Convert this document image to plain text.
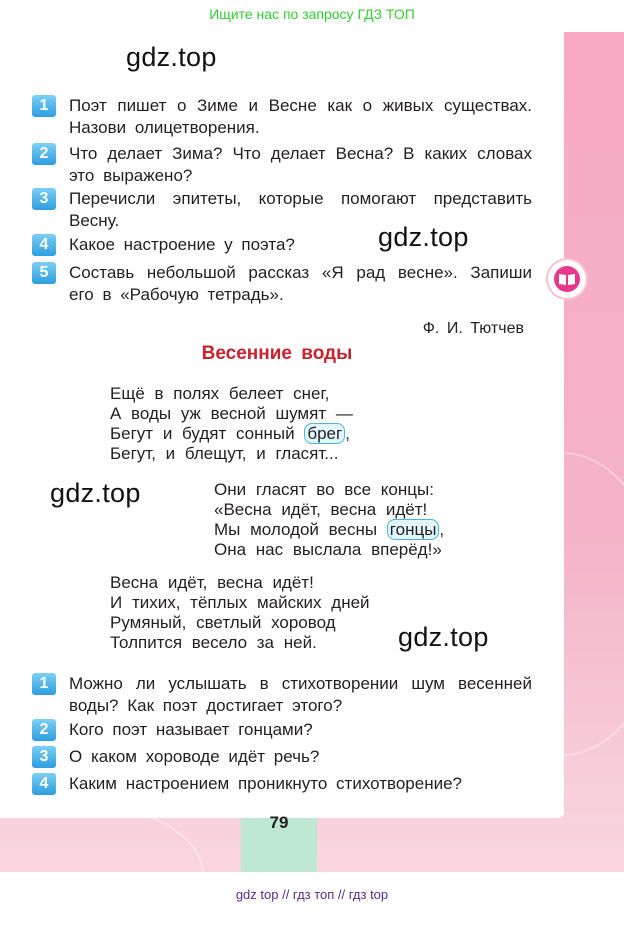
Ищите нас по запросу ГДЗ ТОП
79
gdz.top
gdz.top
gdz.top
gdz.top
1	Поэт пишет о Зиме и Весне как о живых существах. Назови олицетворения.
2	Что делает Зима? Что делает Весна? В каких словах это выражено?
3	Перечисли эпитеты, которые помогают представить Весну.
4	Какое настроение у поэта?
5	Составь небольшой рассказ «Я рад весне». Запиши его в «Рабочую тетрадь».
Ф. И. Тютчев
Весенние воды
Ещё в полях белеет снег,
А воды уж весной шумят —
Бегут и будят сонный брег ,
Бегут, и блещут, и гласят...
Они гласят во все концы:
«Весна идёт, весна идёт!
Мы молодой весны гонцы ,
Она нас выслала вперёд!»
Весна идёт, весна идёт!
И тихих, тёплых майских дней
Румяный, светлый хоровод
Толпится весело за ней.
1	Можно ли услышать в стихотворении шум весенней воды? Как поэт достигает этого?
2	Кого поэт называет гонцами?
3	О каком хороводе идёт речь?
4	Каким настроением проникнуто стихотворение?
gdz top // гдз топ // гдз top
